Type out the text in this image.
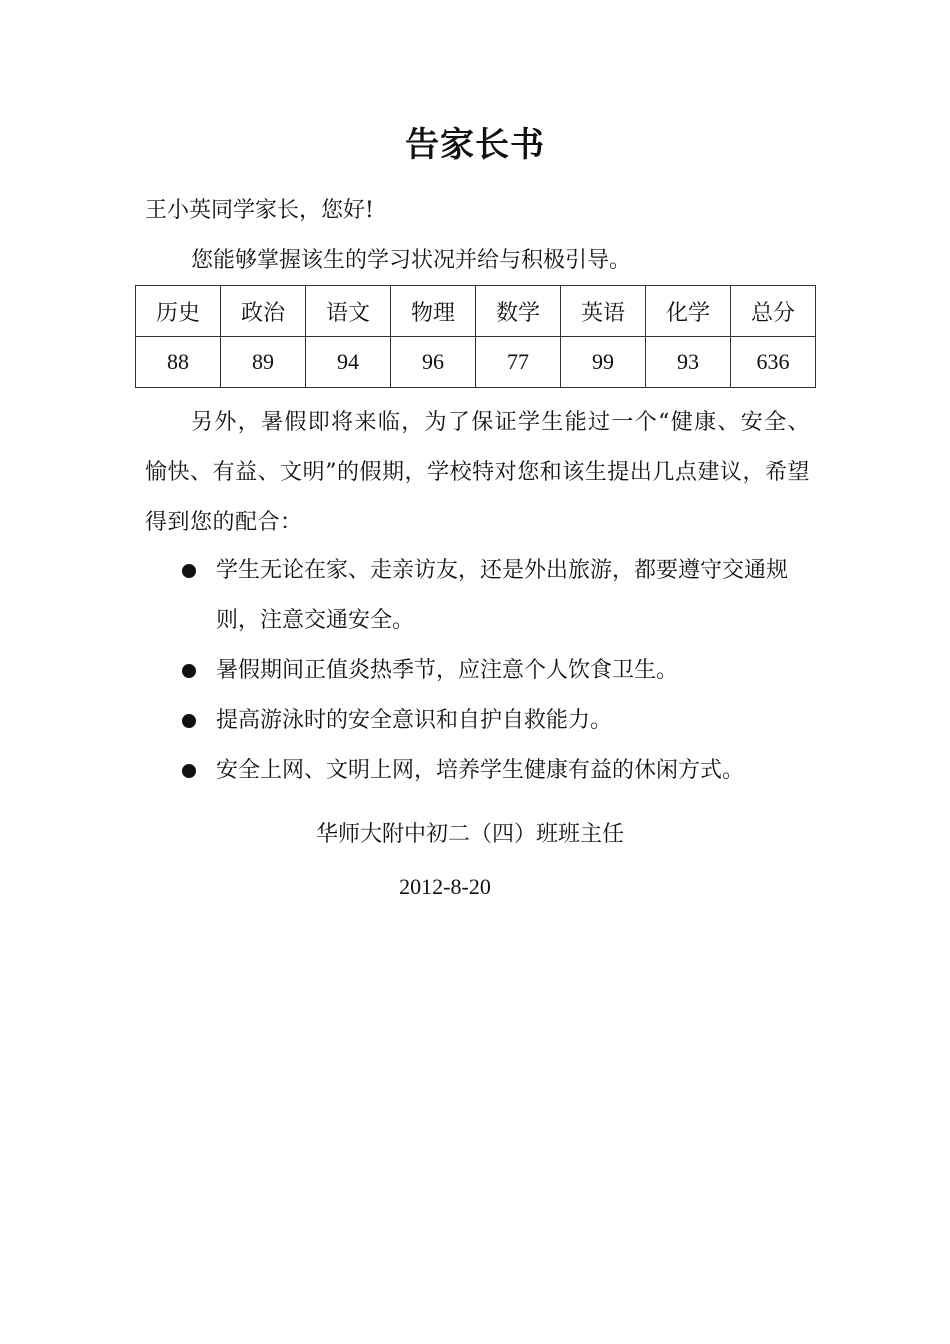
告家长书
王小英同学家长，您好!
您能够掌握该生的学习状况并给与积极引导。
历史	政治	语文	物理	数学	英语	化学	总分
88	89	94	96	77	99	93	636
另外，暑假即将来临，为了保证学生能过一个“健康、安全、愉快、有益、文明”的假期，学校特对您和该生提出几点建议，希望得到您的配合：
学生无论在家、走亲访友，还是外出旅游，都要遵守交通规则，注意交通安全。
暑假期间正值炎热季节，应注意个人饮食卫生。
提高游泳时的安全意识和自护自救能力。
安全上网、文明上网，培养学生健康有益的休闲方式。
华师大附中初二（四）班班主任
2012-8-20
